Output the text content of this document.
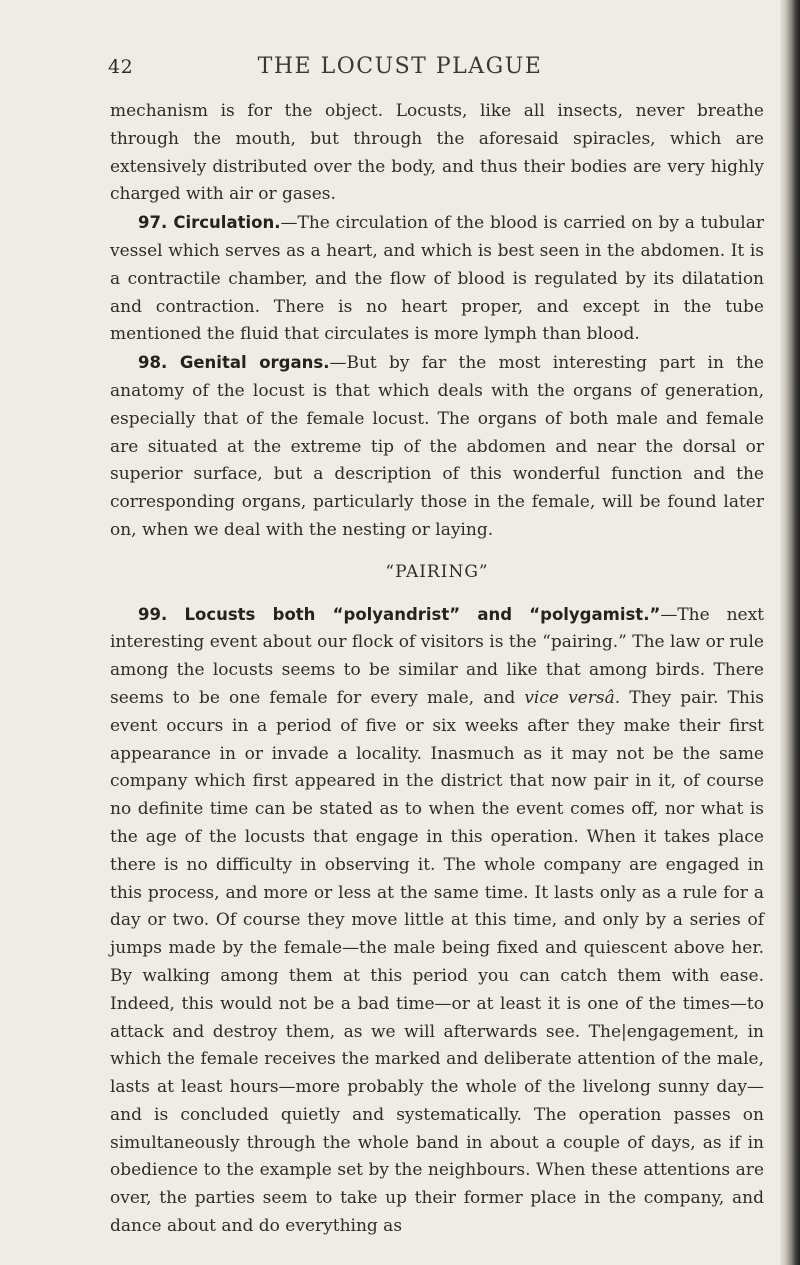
42	THE LOCUST PLAGUE

mechanism is for the object. Locusts, like all insects, never breathe through the mouth, but through the aforesaid spiracles, which are extensively distributed over the body, and thus their bodies are very highly charged with air or gases.

97. Circulation.—The circulation of the blood is carried on by a tubular vessel which serves as a heart, and which is best seen in the abdomen. It is a contractile chamber, and the flow of blood is regulated by its dilatation and contraction. There is no heart proper, and except in the tube mentioned the fluid that circulates is more lymph than blood.

98. Genital organs.—But by far the most interesting part in the anatomy of the locust is that which deals with the organs of generation, especially that of the female locust. The organs of both male and female are situated at the extreme tip of the abdomen and near the dorsal or superior surface, but a description of this wonderful function and the corresponding organs, particularly those in the female, will be found later on, when we deal with the nesting or laying.

“PAIRING”

99. Locusts both “polyandrist” and “polygamist.”—The next interesting event about our flock of visitors is the “pairing.” The law or rule among the locusts seems to be similar and like that among birds. There seems to be one female for every male, and vice versâ. They pair. This event occurs in a period of five or six weeks after they make their first appearance in or invade a locality. Inasmuch as it may not be the same company which first appeared in the district that now pair in it, of course no definite time can be stated as to when the event comes off, nor what is the age of the locusts that engage in this operation. When it takes place there is no difficulty in observing it. The whole company are engaged in this process, and more or less at the same time. It lasts only as a rule for a day or two. Of course they move little at this time, and only by a series of jumps made by the female—the male being fixed and quiescent above her. By walking among them at this period you can catch them with ease. Indeed, this would not be a bad time—or at least it is one of the times—to attack and destroy them, as we will afterwards see. The|engagement, in which the female receives the marked and deliberate attention of the male, lasts at least hours—more probably the whole of the livelong sunny day—and is concluded quietly and systematically. The operation passes on simultaneously through the whole band in about a couple of days, as if in obedience to the example set by the neighbours. When these attentions are over, the parties seem to take up their former place in the company, and dance about and do everything as
